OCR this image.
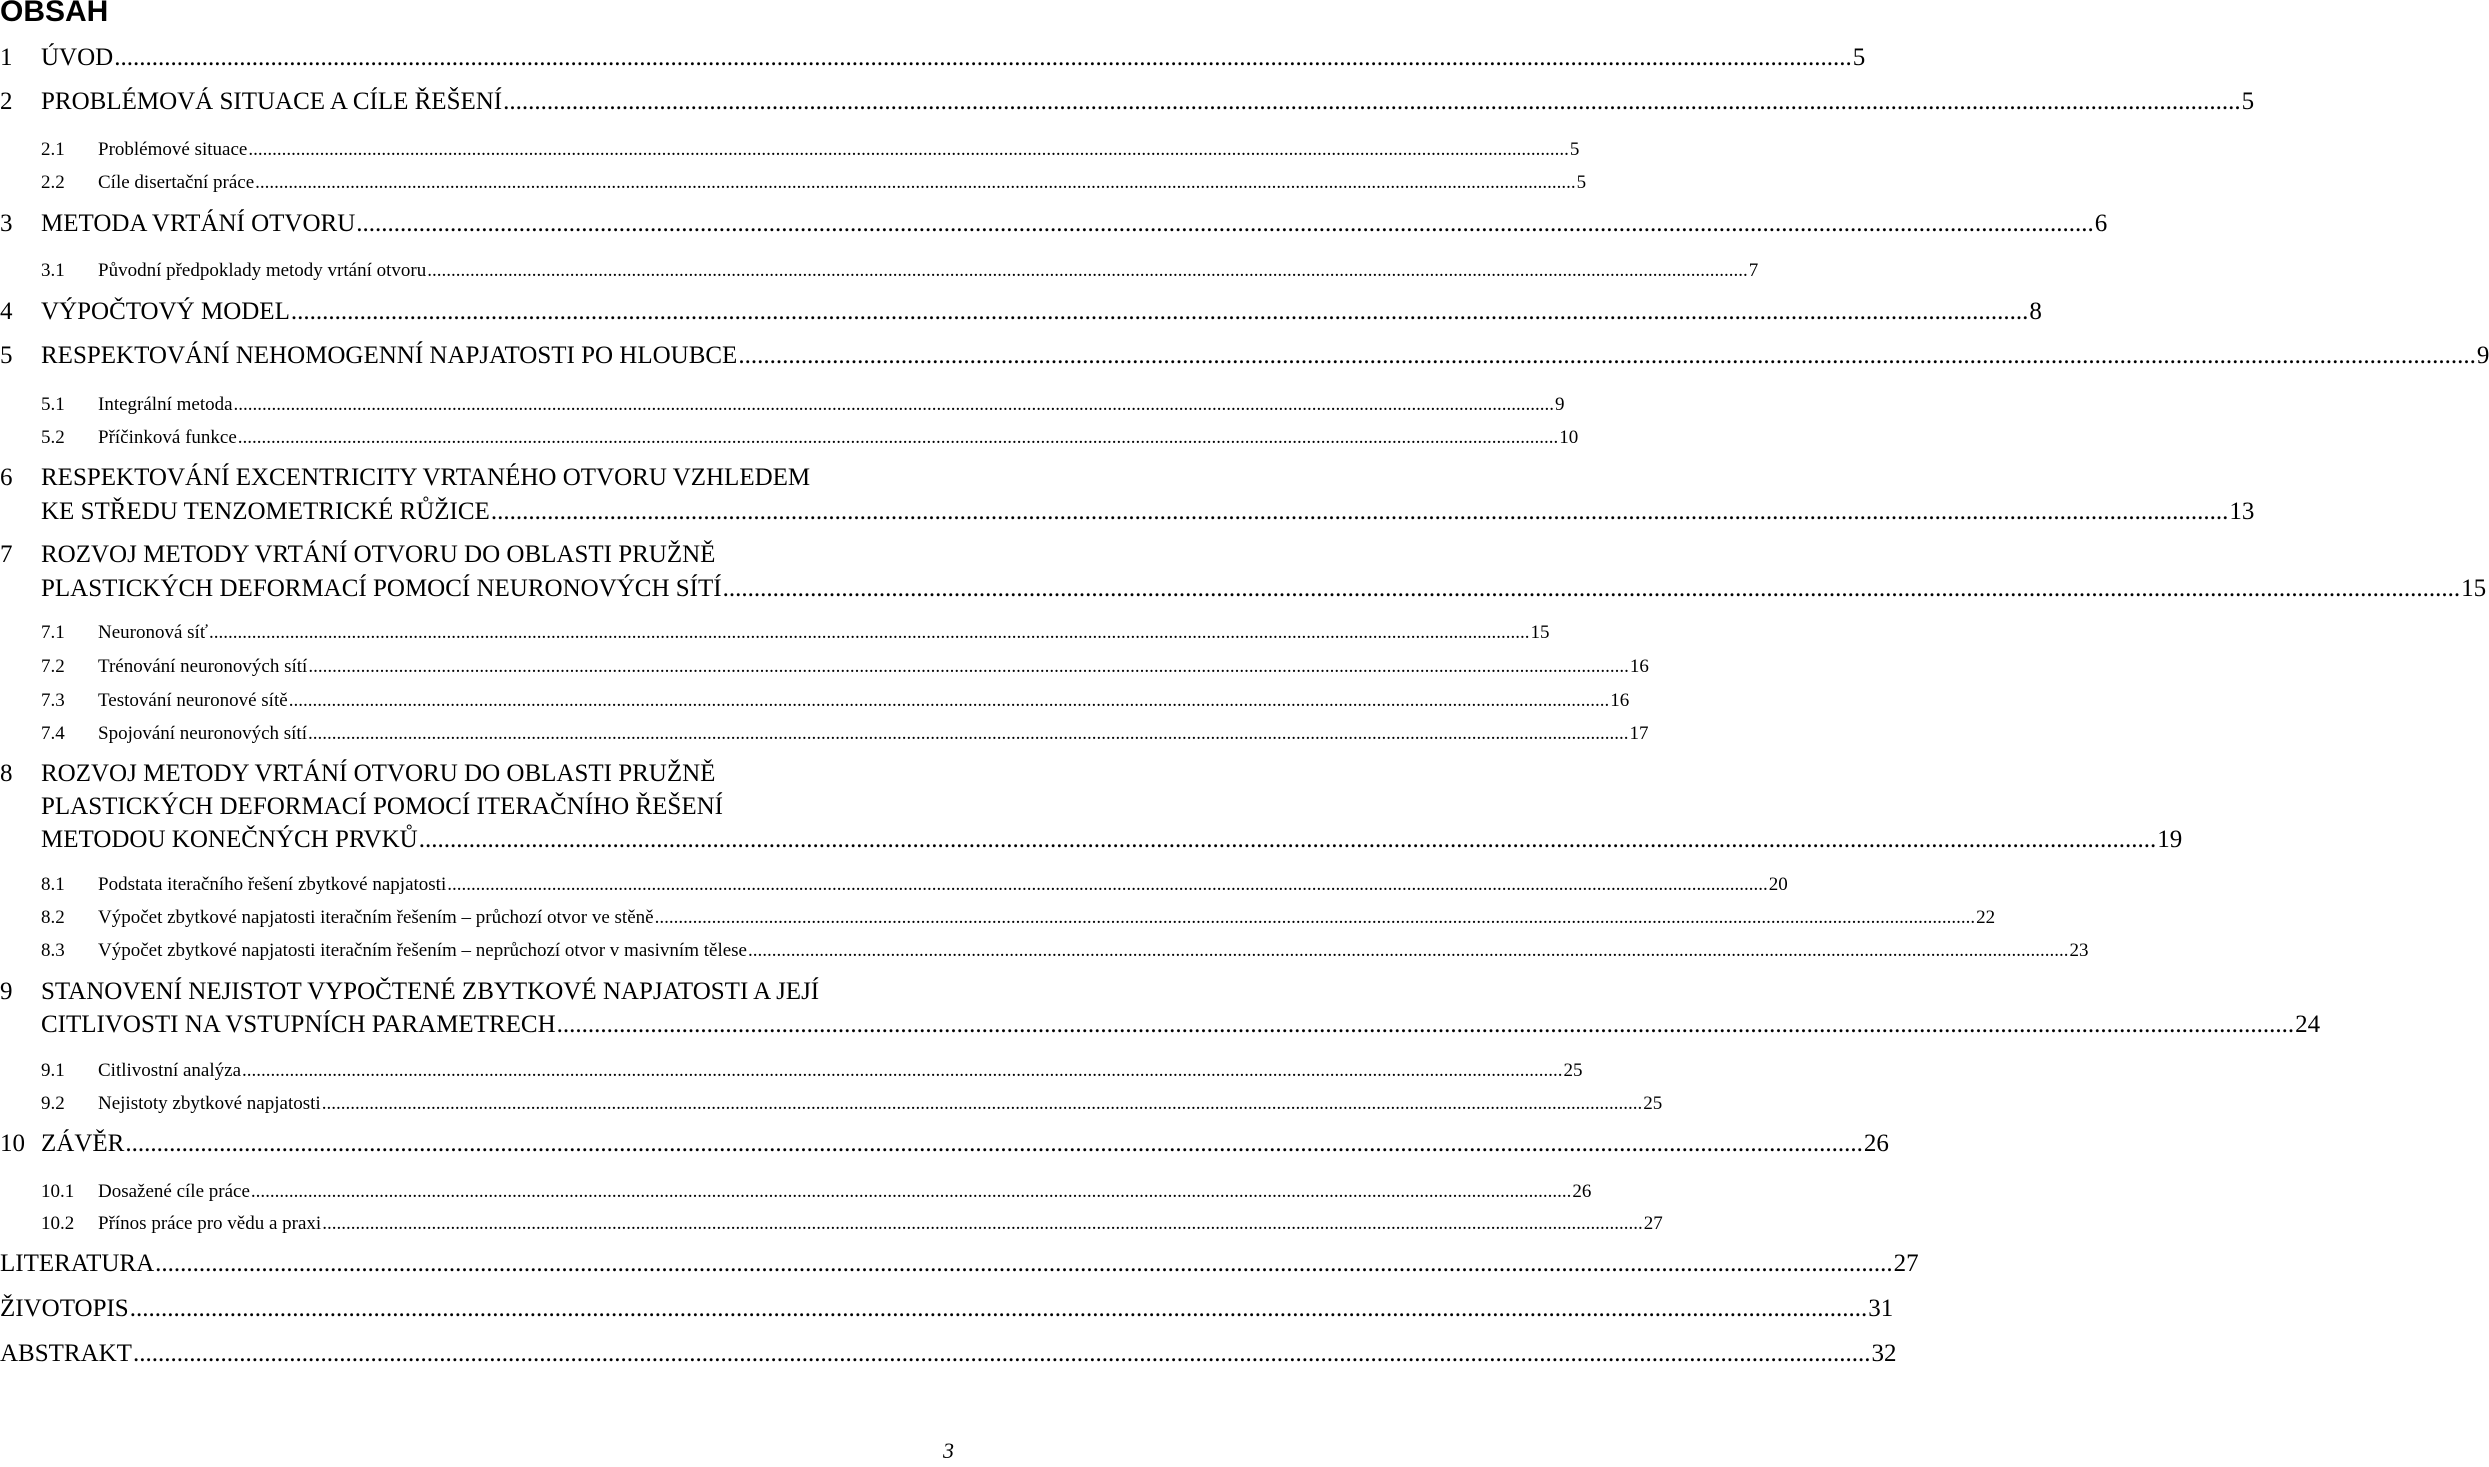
OBSAH
1	ÚVOD ...................................................................................................................................................................................................................................................................................... 5
2	PROBLÉMOVÁ SITUACE A CÍLE ŘEŠENÍ ...................................................................................................................................................................................................................................................................................... 5
2.1	Problémové situace ...................................................................................................................................................................................................................................................................................... 5
2.2	Cíle disertační práce ...................................................................................................................................................................................................................................................................................... 5
3	METODA VRTÁNÍ OTVORU ...................................................................................................................................................................................................................................................................................... 6
3.1	Původní předpoklady metody vrtání otvoru ...................................................................................................................................................................................................................................................................................... 7
4	VÝPOČTOVÝ MODEL ...................................................................................................................................................................................................................................................................................... 8
5	RESPEKTOVÁNÍ NEHOMOGENNÍ NAPJATOSTI PO HLOUBCE ...................................................................................................................................................................................................................................................................................... 9
5.1	Integrální metoda ...................................................................................................................................................................................................................................................................................... 9
5.2	Příčinková funkce ...................................................................................................................................................................................................................................................................................... 10
6	RESPEKTOVÁNÍ EXCENTRICITY VRTANÉHO OTVORU VZHLEDEM
KE STŘEDU TENZOMETRICKÉ RŮŽICE ...................................................................................................................................................................................................................................................................................... 13
7	ROZVOJ METODY VRTÁNÍ OTVORU DO OBLASTI PRUŽNĚ
PLASTICKÝCH DEFORMACÍ POMOCÍ NEURONOVÝCH SÍTÍ ...................................................................................................................................................................................................................................................................................... 15
7.1	Neuronová síť ...................................................................................................................................................................................................................................................................................... 15
7.2	Trénování neuronových sítí ...................................................................................................................................................................................................................................................................................... 16
7.3	Testování neuronové sítě ...................................................................................................................................................................................................................................................................................... 16
7.4	Spojování neuronových sítí ...................................................................................................................................................................................................................................................................................... 17
8	ROZVOJ METODY VRTÁNÍ OTVORU DO OBLASTI PRUŽNĚ
PLASTICKÝCH DEFORMACÍ POMOCÍ ITERAČNÍHO ŘEŠENÍ
METODOU KONEČNÝCH PRVKŮ ...................................................................................................................................................................................................................................................................................... 19
8.1	Podstata iteračního řešení zbytkové napjatosti ...................................................................................................................................................................................................................................................................................... 20
8.2	Výpočet zbytkové napjatosti iteračním řešením – průchozí otvor ve stěně ...................................................................................................................................................................................................................................................................................... 22
8.3	Výpočet zbytkové napjatosti iteračním řešením – neprůchozí otvor v masivním tělese ...................................................................................................................................................................................................................................................................................... 23
9	STANOVENÍ NEJISTOT VYPOČTENÉ ZBYTKOVÉ NAPJATOSTI A JEJÍ
CITLIVOSTI NA VSTUPNÍCH PARAMETRECH ...................................................................................................................................................................................................................................................................................... 24
9.1	Citlivostní analýza ...................................................................................................................................................................................................................................................................................... 25
9.2	Nejistoty zbytkové napjatosti ...................................................................................................................................................................................................................................................................................... 25
10 ZÁVĚR ...................................................................................................................................................................................................................................................................................... 26
10.1	Dosažené cíle práce ...................................................................................................................................................................................................................................................................................... 26
10.2	Přínos práce pro vědu a praxi ...................................................................................................................................................................................................................................................................................... 27
LITERATURA ...................................................................................................................................................................................................................................................................................... 27
ŽIVOTOPIS ...................................................................................................................................................................................................................................................................................... 31
ABSTRAKT ...................................................................................................................................................................................................................................................................................... 32
3
